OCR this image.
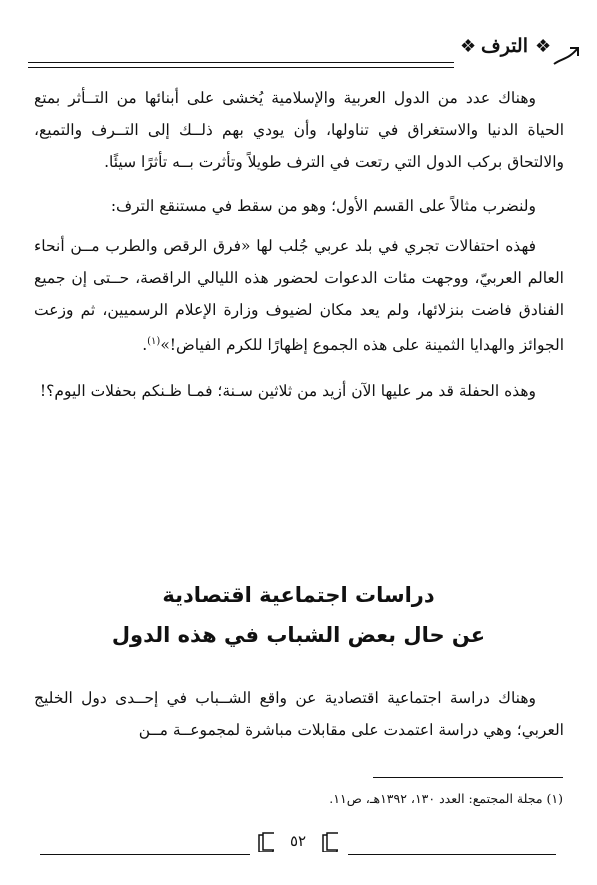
❖ الترف ❖

وهناك عدد من الدول العربية والإسلامية يُخشى على أبنائها من التــأثر بمتع الحياة الدنيا والاستغراق في تناولها، وأن يودي بهم ذلــك إلى التــرف والتميع، والالتحاق بركب الدول التي رتعت في الترف طويلاً وتأثرت بــه تأثرًا سيئًا.

ولنضرب مثالاً على القسم الأول؛ وهو من سقط في مستنقع الترف:

فهذه احتفالات تجري في بلد عربي جُلب لها «فرق الرقص والطرب مــن أنحاء العالم العربيّ، ووجهت مئات الدعوات لحضور هذه الليالي الراقصة، حــتى إن جميع الفنادق فاضت بنزلائها، ولم يعد مكان لضيوف وزارة الإعلام الرسميين، ثم وزعت الجوائز والهدايا الثمينة على هذه الجموع إظهارًا للكرم الفياض!»$^{(١)}$.

وهذه الحفلة قد مر عليها الآن أزيد من ثلاثين سـنة؛ فمـا ظـنكم بحفلات اليوم؟!

دراسات اجتماعية اقتصادية
عن حال بعض الشباب في هذه الدول

وهناك دراسة اجتماعية اقتصادية عن واقع الشــباب في إحــدى دول الخليج العربي؛ وهي دراسة اعتمدت على مقابلات مباشرة لمجموعــة مــن

(١) مجلة المجتمع: العدد ١٣٠، ١٣٩٢هـ، ص١١.
٥٢
